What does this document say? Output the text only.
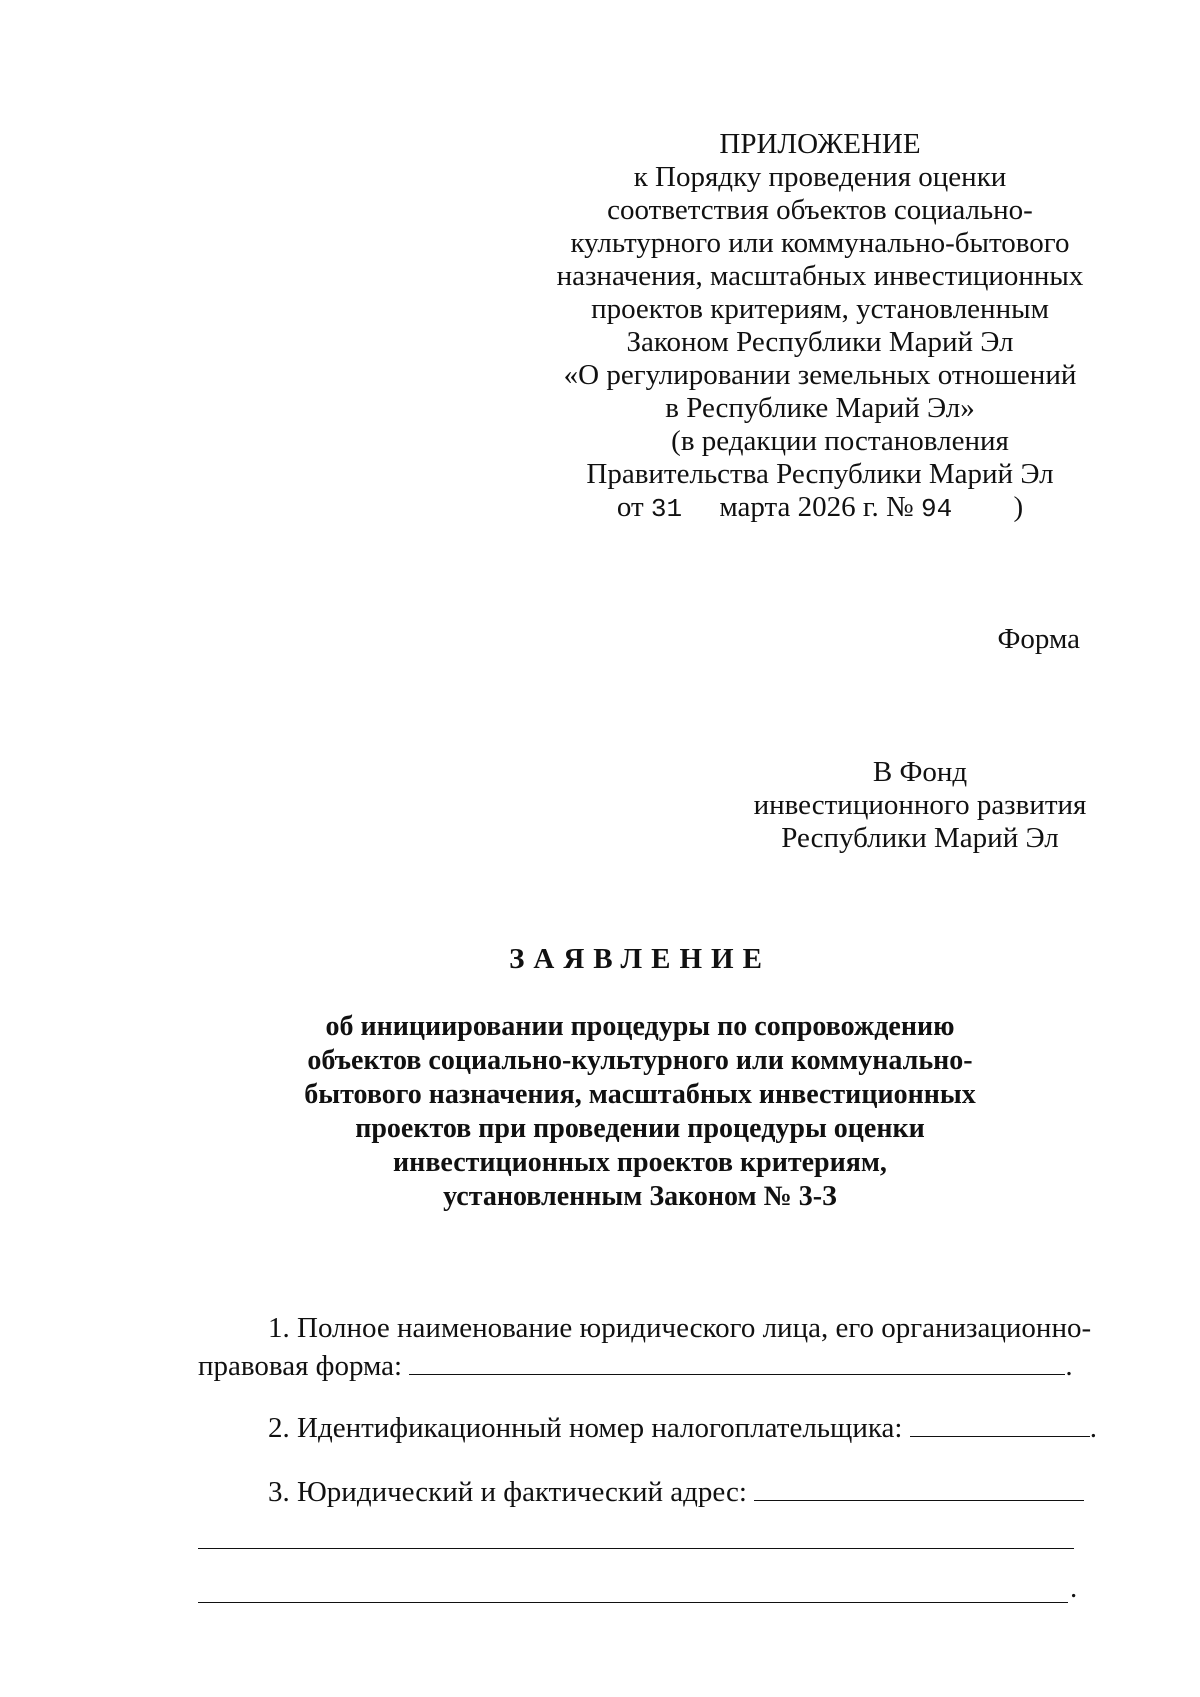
ПРИЛОЖЕНИЕ
к Порядку проведения оценки
соответствия объектов социально-
культурного или коммунально-бытового
назначения, масштабных инвестиционных
проектов критериям, установленным
Законом Республики Марий Эл
«О регулировании земельных отношений
в Республике Марий Эл»
(в редакции постановления
Правительства Республики Марий Эл
от 31 марта 2026 г. № 94 )
Форма
В Фонд
инвестиционного развития
Республики Марий Эл
ЗАЯВЛЕНИЕ
об инициировании процедуры по сопровождению
объектов социально-культурного или коммунально-
бытового назначения, масштабных инвестиционных
проектов при проведении процедуры оценки
инвестиционных проектов критериям,
установленным Законом № 3-З
1. Полное наименование юридического лица, его организационно-
правовая форма:	.
2. Идентификационный номер налогоплательщика:	.
3. Юридический и фактический адрес:
.
